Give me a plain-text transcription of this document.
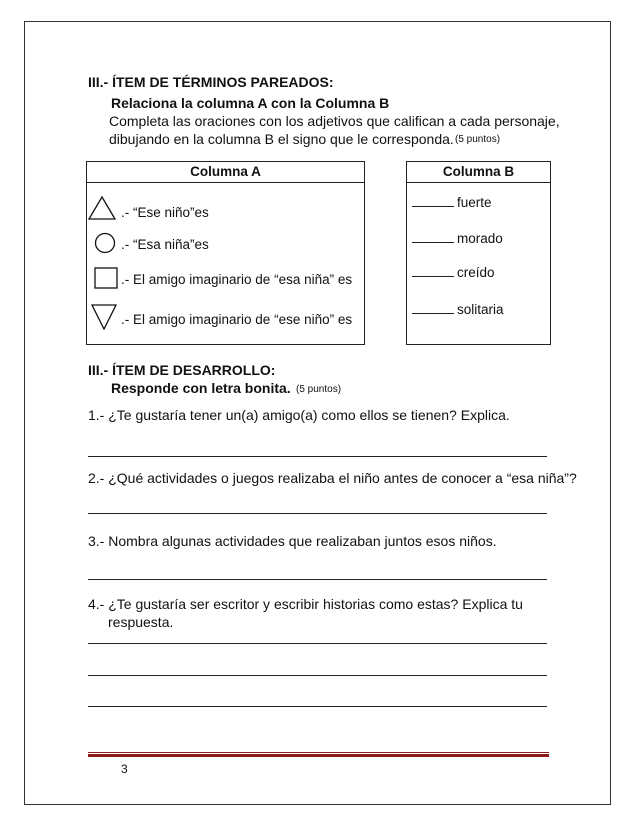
III.- ÍTEM DE TÉRMINOS PAREADOS:
Relaciona la columna A con la Columna B
Completa las oraciones con los adjetivos que califican a cada personaje,
dibujando en la columna B el signo que le corresponda. (5 puntos)
Columna A
.- “Ese niño”es
.- “Esa niña”es
.- El amigo imaginario de “esa niña” es
.- El amigo imaginario de “ese niño” es
Columna B
fuerte
morado
creído
solitaria
III.- ÍTEM DE DESARROLLO:
Responde con letra bonita. (5 puntos)
1.- ¿Te gustaría tener un(a) amigo(a) como ellos se tienen? Explica.
2.- ¿Qué actividades o juegos realizaba el niño antes de conocer a “esa niña”?
3.- Nombra algunas actividades que realizaban juntos esos niños.
4.- ¿Te gustaría ser escritor y escribir historias como estas? Explica tu
respuesta.
3
